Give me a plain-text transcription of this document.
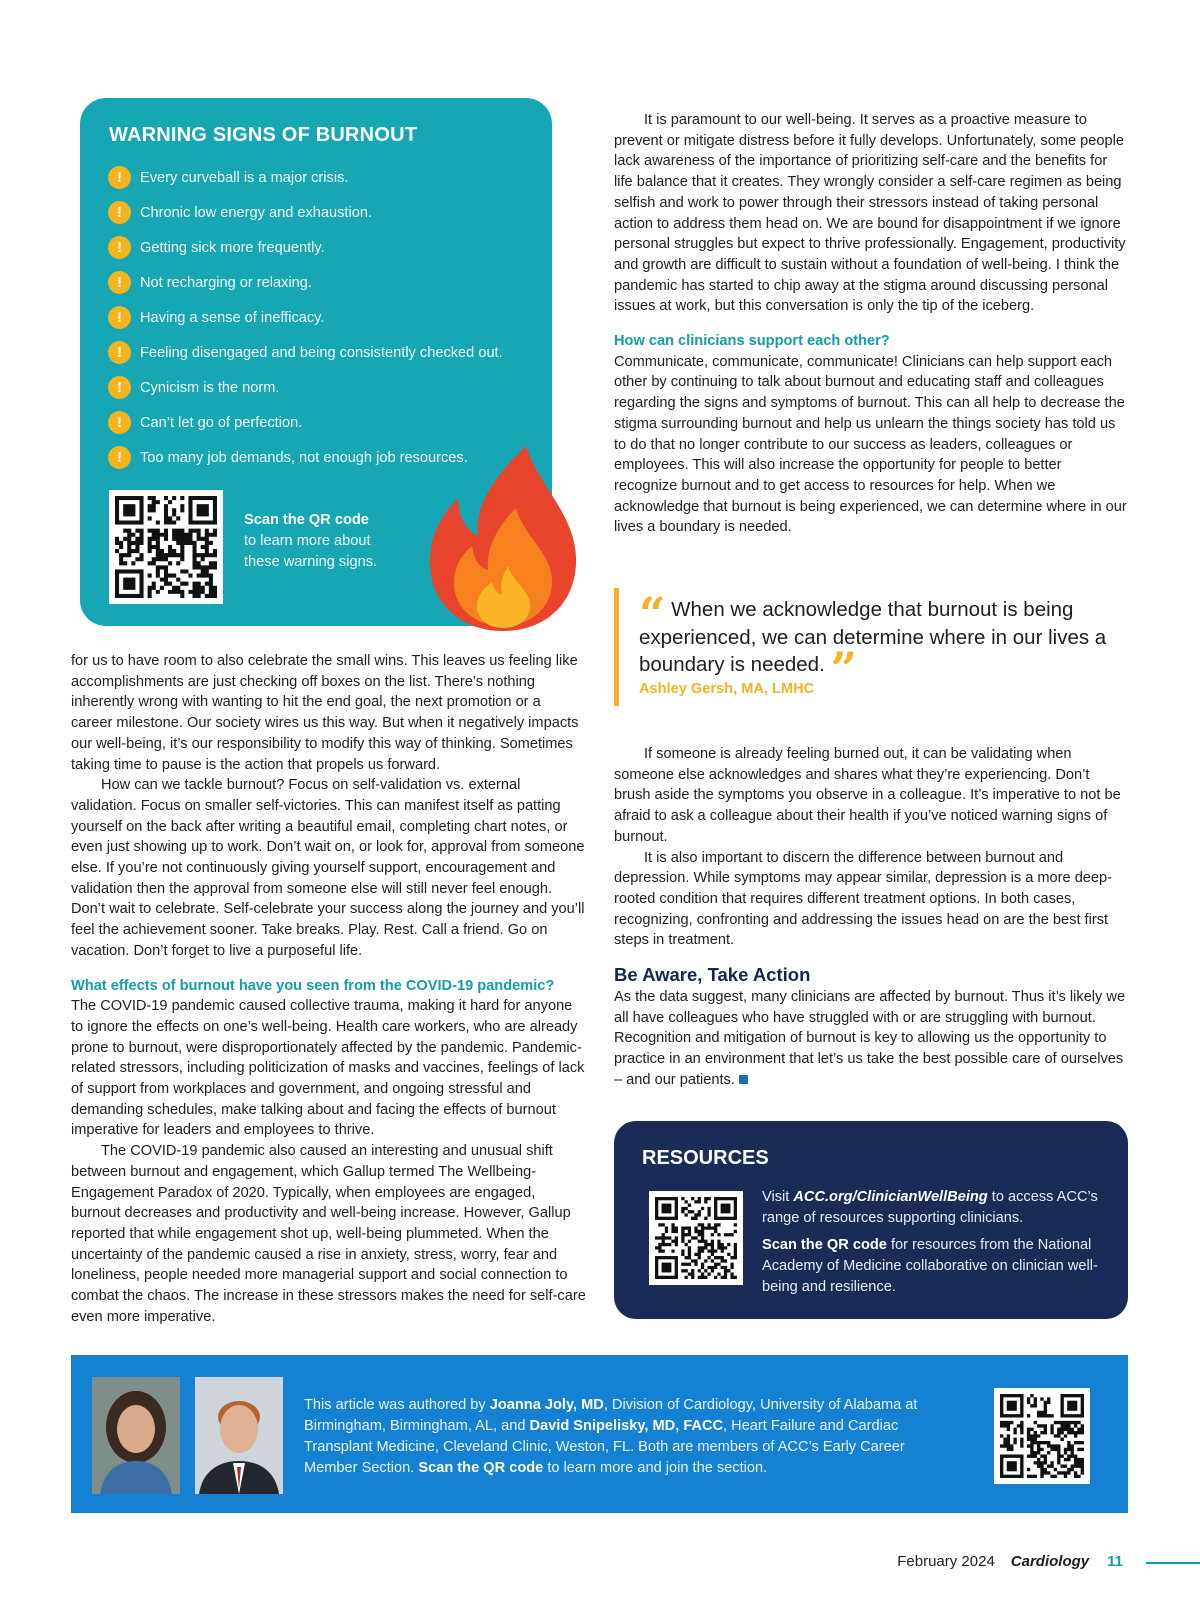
WARNING SIGNS OF BURNOUT
!	Every curveball is a major crisis.
!	Chronic low energy and exhaustion.
!	Getting sick more frequently.
!	Not recharging or relaxing.
!	Having a sense of inefficacy.
!	Feeling disengaged and being consistently checked out.
!	Cynicism is the norm.
!	Can’t let go of perfection.
!	Too many job demands, not enough job resources.
Scan the QR code
to learn more about
these warning signs.

It is paramount to our well-being. It serves as a proactive measure to prevent or mitigate distress before it fully develops. Unfortunately, some people lack awareness of the importance of prioritizing self-care and the benefits for life balance that it creates. They wrongly consider a self-care regimen as being selfish and work to power through their stressors instead of taking personal action to address them head on. We are bound for disappointment if we ignore personal struggles but expect to thrive professionally. Engagement, productivity and growth are difficult to sustain without a foundation of well-being. I think the pandemic has started to chip away at the stigma around discussing personal issues at work, but this conversation is only the tip of the iceberg.

How can clinicians support each other?

Communicate, communicate, communicate! Clinicians can help support each other by continuing to talk about burnout and educating staff and colleagues regarding the signs and symptoms of burnout. This can all help to decrease the stigma surrounding burnout and help us unlearn the things society has told us to do that no longer contribute to our success as leaders, colleagues or employees. This will also increase the opportunity for people to better recognize burnout and to get access to resources for help. When we acknowledge that burnout is being experienced, we can determine where in our lives a boundary is needed.

“ When we acknowledge that burnout is being experienced, we can determine where in our lives a boundary is needed. ”
Ashley Gersh, MA, LMHC

for us to have room to also celebrate the small wins. This leaves us feeling like accomplishments are just checking off boxes on the list. There’s nothing inherently wrong with wanting to hit the end goal, the next promotion or a career milestone. Our society wires us this way. But when it negatively impacts our well-being, it’s our responsibility to modify this way of thinking. Sometimes taking time to pause is the action that propels us forward.

How can we tackle burnout? Focus on self-validation vs. external validation. Focus on smaller self-victories. This can manifest itself as patting yourself on the back after writing a beautiful email, completing chart notes, or even just showing up to work. Don’t wait on, or look for, approval from someone else. If you’re not continuously giving yourself support, encouragement and validation then the approval from someone else will still never feel enough. Don’t wait to celebrate. Self-celebrate your success along the journey and you’ll feel the achievement sooner. Take breaks. Play. Rest. Call a friend. Go on vacation. Don’t forget to live a purposeful life.

What effects of burnout have you seen from the COVID-19 pandemic?

The COVID-19 pandemic caused collective trauma, making it hard for anyone to ignore the effects on one’s well-being. Health care workers, who are already prone to burnout, were disproportionately affected by the pandemic. Pandemic-related stressors, including politicization of masks and vaccines, feelings of lack of support from workplaces and government, and ongoing stressful and demanding schedules, make talking about and facing the effects of burnout imperative for leaders and employees to thrive.

The COVID-19 pandemic also caused an interesting and unusual shift between burnout and engagement, which Gallup termed The Wellbeing-Engagement Paradox of 2020. Typically, when employees are engaged, burnout decreases and productivity and well-being increase. However, Gallup reported that while engagement shot up, well-being plummeted. When the uncertainty of the pandemic caused a rise in anxiety, stress, worry, fear and loneliness, people needed more managerial support and social connection to combat the chaos. The increase in these stressors makes the need for self-care even more imperative.

If someone is already feeling burned out, it can be validating when someone else acknowledges and shares what they’re experiencing. Don’t brush aside the symptoms you observe in a colleague. It’s imperative to not be afraid to ask a colleague about their health if you’ve noticed warning signs of burnout.

It is also important to discern the difference between burnout and depression. While symptoms may appear similar, depression is a more deep-rooted condition that requires different treatment options. In both cases, recognizing, confronting and addressing the issues head on are the best first steps in treatment.

Be Aware, Take Action

As the data suggest, many clinicians are affected by burnout. Thus it’s likely we all have colleagues who have struggled with or are struggling with burnout. Recognition and mitigation of burnout is key to allowing us the opportunity to practice in an environment that let’s us take the best possible care of ourselves – and our patients.

RESOURCES

Visit ACC.org/ClinicianWellBeing to access ACC’s range of resources supporting clinicians.

Scan the QR code for resources from the National Academy of Medicine collaborative on clinician well-being and resilience.

This article was authored by Joanna Joly, MD, Division of Cardiology, University of Alabama at Birmingham, Birmingham, AL, and David Snipelisky, MD, FACC, Heart Failure and Cardiac Transplant Medicine, Cleveland Clinic, Weston, FL. Both are members of ACC’s Early Career Member Section. Scan the QR code to learn more and join the section.
February 2024 Cardiology 11
